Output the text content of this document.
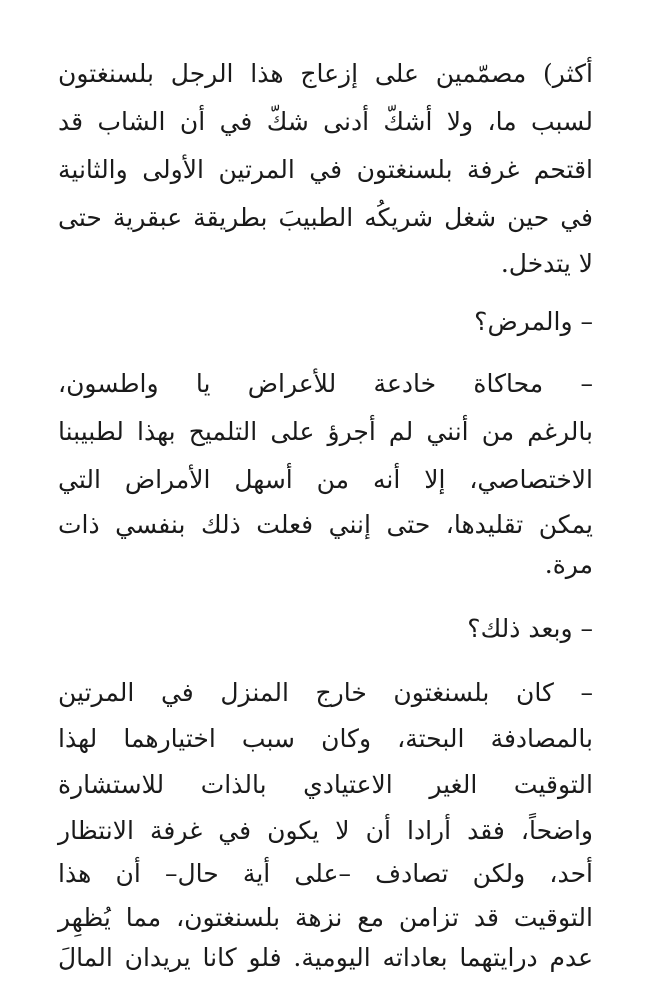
أكثر) مصمّمين على إزعاج هذا الرجل بلسنغتون
لسبب ما، ولا أشكّ أدنى شكّ في أن الشاب قد
اقتحم غرفة بلسنغتون في المرتين الأولى والثانية
في حين شغل شريكُه الطبيبَ بطريقة عبقرية حتى
لا يتدخل.
– والمرض؟
– محاكاة خادعة للأعراض يا واطسون،
بالرغم من أنني لم أجرؤ على التلميح بهذا لطبيبنا
الاختصاصي، إلا أنه من أسهل الأمراض التي
يمكن تقليدها، حتى إنني فعلت ذلك بنفسي ذات
مرة.
– وبعد ذلك؟
– كان بلسنغتون خارج المنزل في المرتين
بالمصادفة البحتة، وكان سبب اختيارهما لهذا
التوقيت الغير الاعتيادي بالذات للاستشارة
واضحاً، فقد أرادا أن لا يكون في غرفة الانتظار
أحد، ولكن تصادف –على أية حال– أن هذا
التوقيت قد تزامن مع نزهة بلسنغتون، مما يُظهِر
عدم درايتهما بعاداته اليومية. فلو كانا يريدان المالَ
